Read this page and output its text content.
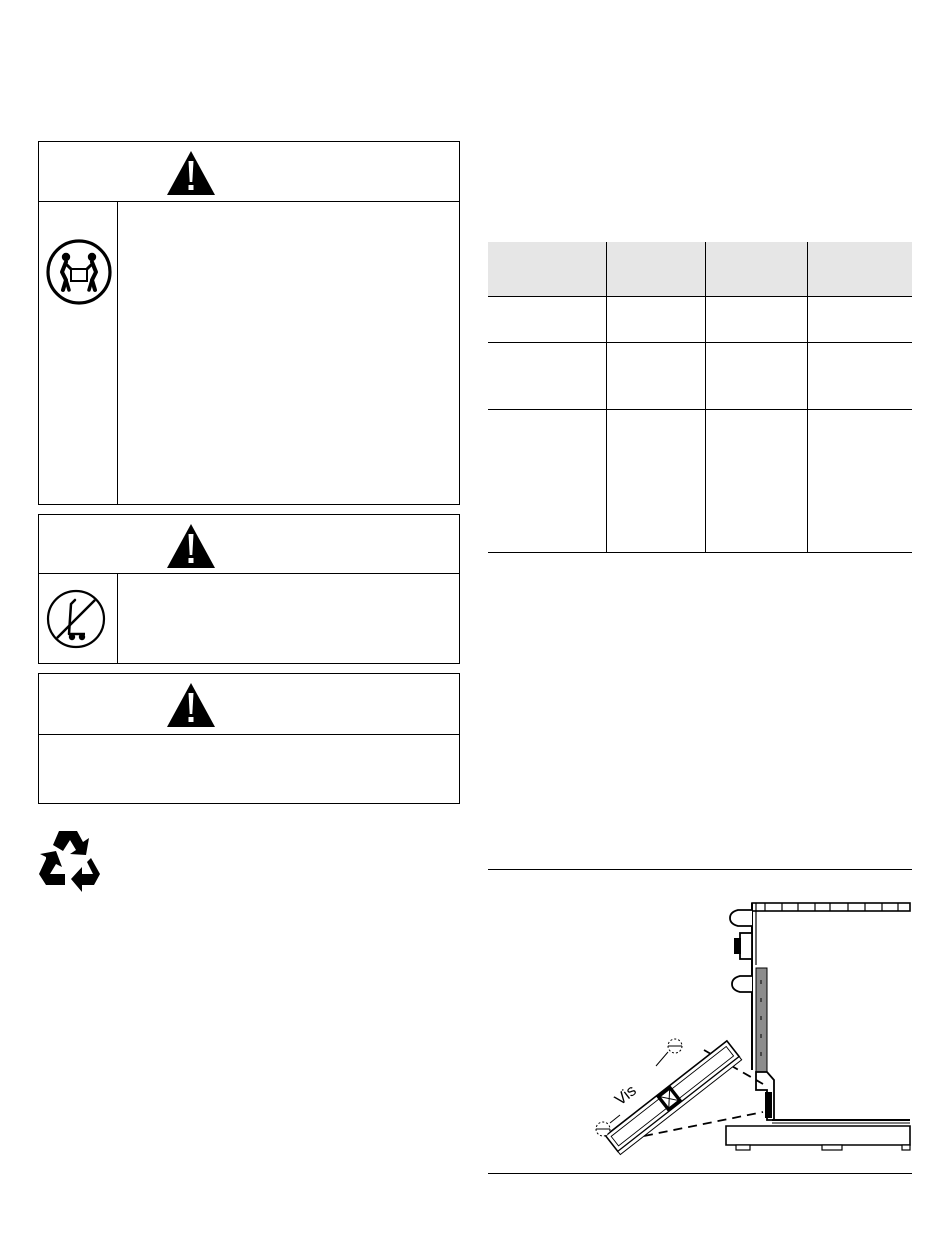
Vis
